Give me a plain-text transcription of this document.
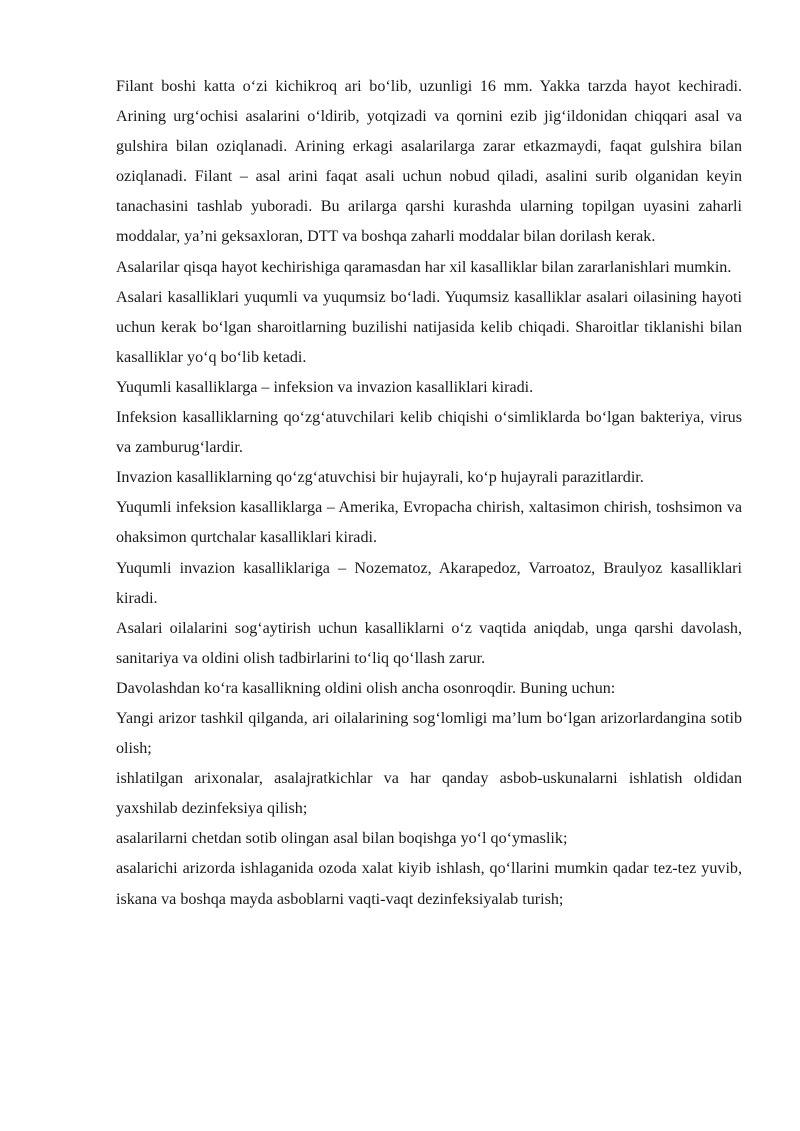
Filant boshi katta o‘zi kichikroq ari bo‘lib, uzunligi 16 mm. Yakka tarzda hayot kechiradi. Arining urg‘ochisi asalarini o‘ldirib, yotqizadi va qornini ezib jig‘ildonidan chiqqari asal va gulshira bilan oziqlanadi. Arining erkagi asalarilarga zarar etkazmaydi, faqat gulshira bilan oziqlanadi. Filant – asal arini faqat asali uchun nobud qiladi, asalini surib olganidan keyin tanachasini tashlab yuboradi. Bu arilarga qarshi kurashda ularning topilgan uyasini zaharli moddalar, ya’ni geksaxloran, DTT va boshqa zaharli moddalar bilan dorilash kerak.

Asalarilar qisqa hayot kechirishiga qaramasdan har xil kasalliklar bilan zararlanishlari mumkin.

Asalari kasalliklari yuqumli va yuqumsiz bo‘ladi. Yuqumsiz kasalliklar asalari oilasining hayoti uchun kerak bo‘lgan sharoitlarning buzilishi natijasida kelib chiqadi. Sharoitlar tiklanishi bilan kasalliklar yo‘q bo‘lib ketadi.

Yuqumli kasalliklarga – infeksion va invazion kasalliklari kiradi.

Infeksion kasalliklarning qo‘zg‘atuvchilari kelib chiqishi o‘simliklarda bo‘lgan bakteriya, virus va zamburug‘lardir.

Invazion kasalliklarning qo‘zg‘atuvchisi bir hujayrali, ko‘p hujayrali parazitlardir.

Yuqumli infeksion kasalliklarga – Amerika, Evropacha chirish, xaltasimon chirish, toshsimon va ohaksimon qurtchalar kasalliklari kiradi.

Yuqumli invazion kasalliklariga – Nozematoz, Akarapedoz, Varroatoz, Braulyoz kasalliklari kiradi.

Asalari oilalarini sog‘aytirish uchun kasalliklarni o‘z vaqtida aniqdab, unga qarshi davolash, sanitariya va oldini olish tadbirlarini to‘liq qo‘llash zarur.

Davolashdan ko‘ra kasallikning oldini olish ancha osonroqdir. Buning uchun:

Yangi arizor tashkil qilganda, ari oilalarining sog‘lomligi ma’lum bo‘lgan arizorlardangina sotib olish;

ishlatilgan arixonalar, asalajratkichlar va har qanday asbob-uskunalarni ishlatish oldidan yaxshilab dezinfeksiya qilish;

asalarilarni chetdan sotib olingan asal bilan boqishga yo‘l qo‘ymaslik;

asalarichi arizorda ishlaganida ozoda xalat kiyib ishlash, qo‘llarini mumkin qadar tez-tez yuvib, iskana va boshqa mayda asboblarni vaqti-vaqt dezinfeksiyalab turish;
